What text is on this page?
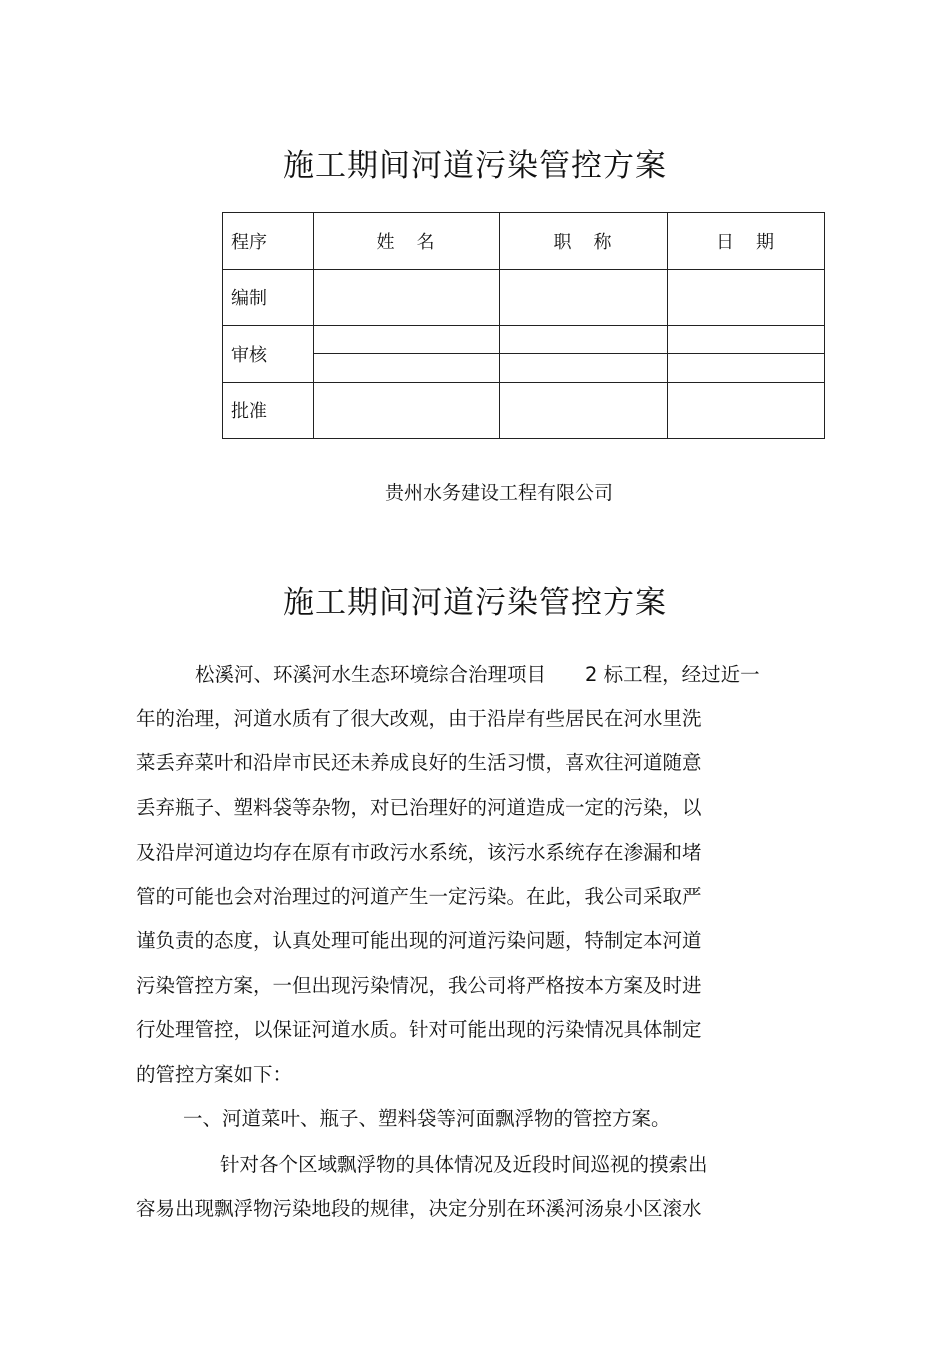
施工期间河道污染管控方案
程序	姓　名	职　称	日　期
编制			
审核	

批准			

贵州水务建设工程有限公司

施工期间河道污染管控方案

松溪河、环溪河水生态环境综合治理项目　　2 标工程，经过近一

年的治理，河道水质有了很大改观，由于沿岸有些居民在河水里洗

菜丢弃菜叶和沿岸市民还未养成良好的生活习惯，喜欢往河道随意

丢弃瓶子、塑料袋等杂物，对已治理好的河道造成一定的污染，以

及沿岸河道边均存在原有市政污水系统，该污水系统存在渗漏和堵

管的可能也会对治理过的河道产生一定污染。在此，我公司采取严

谨负责的态度，认真处理可能出现的河道污染问题，特制定本河道

污染管控方案，一但出现污染情况，我公司将严格按本方案及时进

行处理管控，以保证河道水质。针对可能出现的污染情况具体制定

的管控方案如下：

一、河道菜叶、瓶子、塑料袋等河面飘浮物的管控方案。

针对各个区域飘浮物的具体情况及近段时间巡视的摸索出

容易出现飘浮物污染地段的规律，决定分别在环溪河汤泉小区滚水
